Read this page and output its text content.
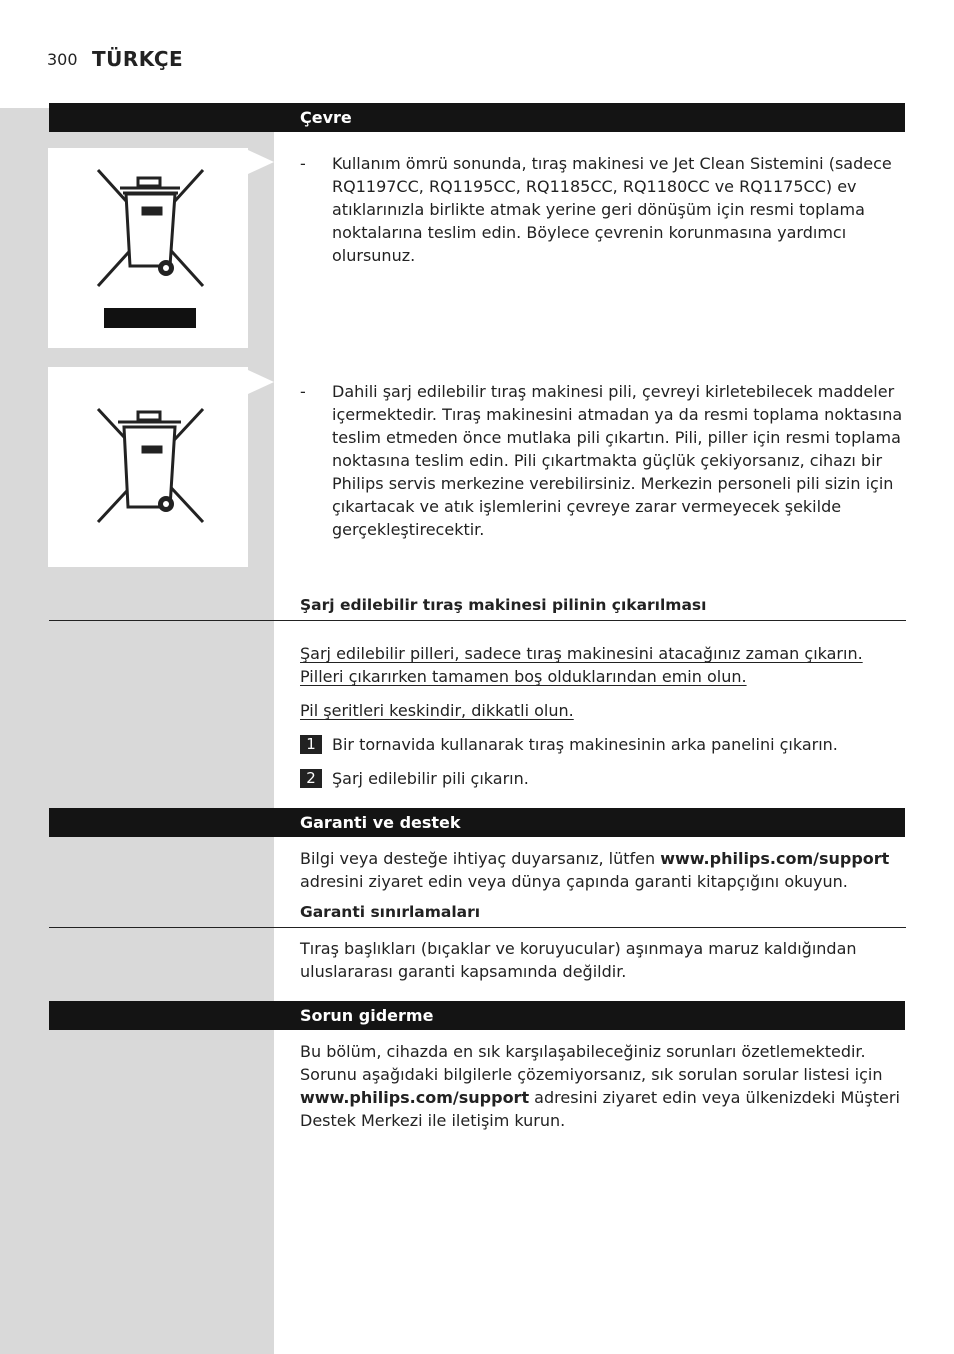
300 TÜRKÇE
Çevre
- Kullanım ömrü sonunda, tıraş makinesi ve Jet Clean Sistemini (sadece RQ1197CC, RQ1195CC, RQ1185CC, RQ1180CC ve RQ1175CC) ev atıklarınızla birlikte atmak yerine geri dönüşüm için resmi toplama noktalarına teslim edin. Böylece çevrenin korunmasına yardımcı olursunuz.
- Dahili şarj edilebilir tıraş makinesi pili, çevreyi kirletebilecek maddeler içermektedir. Tıraş makinesini atmadan ya da resmi toplama noktasına teslim etmeden önce mutlaka pili çıkartın. Pili, piller için resmi toplama noktasına teslim edin. Pili çıkartmakta güçlük çekiyorsanız, cihazı bir Philips servis merkezine verebilirsiniz. Merkezin personeli pili sizin için çıkartacak ve atık işlemlerini çevreye zarar vermeyecek şekilde gerçekleştirecektir.
Şarj edilebilir tıraş makinesi pilinin çıkarılması
Şarj edilebilir pilleri, sadece tıraş makinesini atacağınız zaman çıkarın. Pilleri çıkarırken tamamen boş olduklarından emin olun.
Pil şeritleri keskindir, dikkatli olun.
1 Bir tornavida kullanarak tıraş makinesinin arka panelini çıkarın.
2 Şarj edilebilir pili çıkarın.
Garanti ve destek
Bilgi veya desteğe ihtiyaç duyarsanız, lütfen www.philips.com/support adresini ziyaret edin veya dünya çapında garanti kitapçığını okuyun.
Garanti sınırlamaları
Tıraş başlıkları (bıçaklar ve koruyucular) aşınmaya maruz kaldığından uluslararası garanti kapsamında değildir.
Sorun giderme
Bu bölüm, cihazda en sık karşılaşabileceğiniz sorunları özetlemektedir. Sorunu aşağıdaki bilgilerle çözemiyorsanız, sık sorulan sorular listesi için www.philips.com/support adresini ziyaret edin veya ülkenizdeki Müşteri Destek Merkezi ile iletişim kurun.
